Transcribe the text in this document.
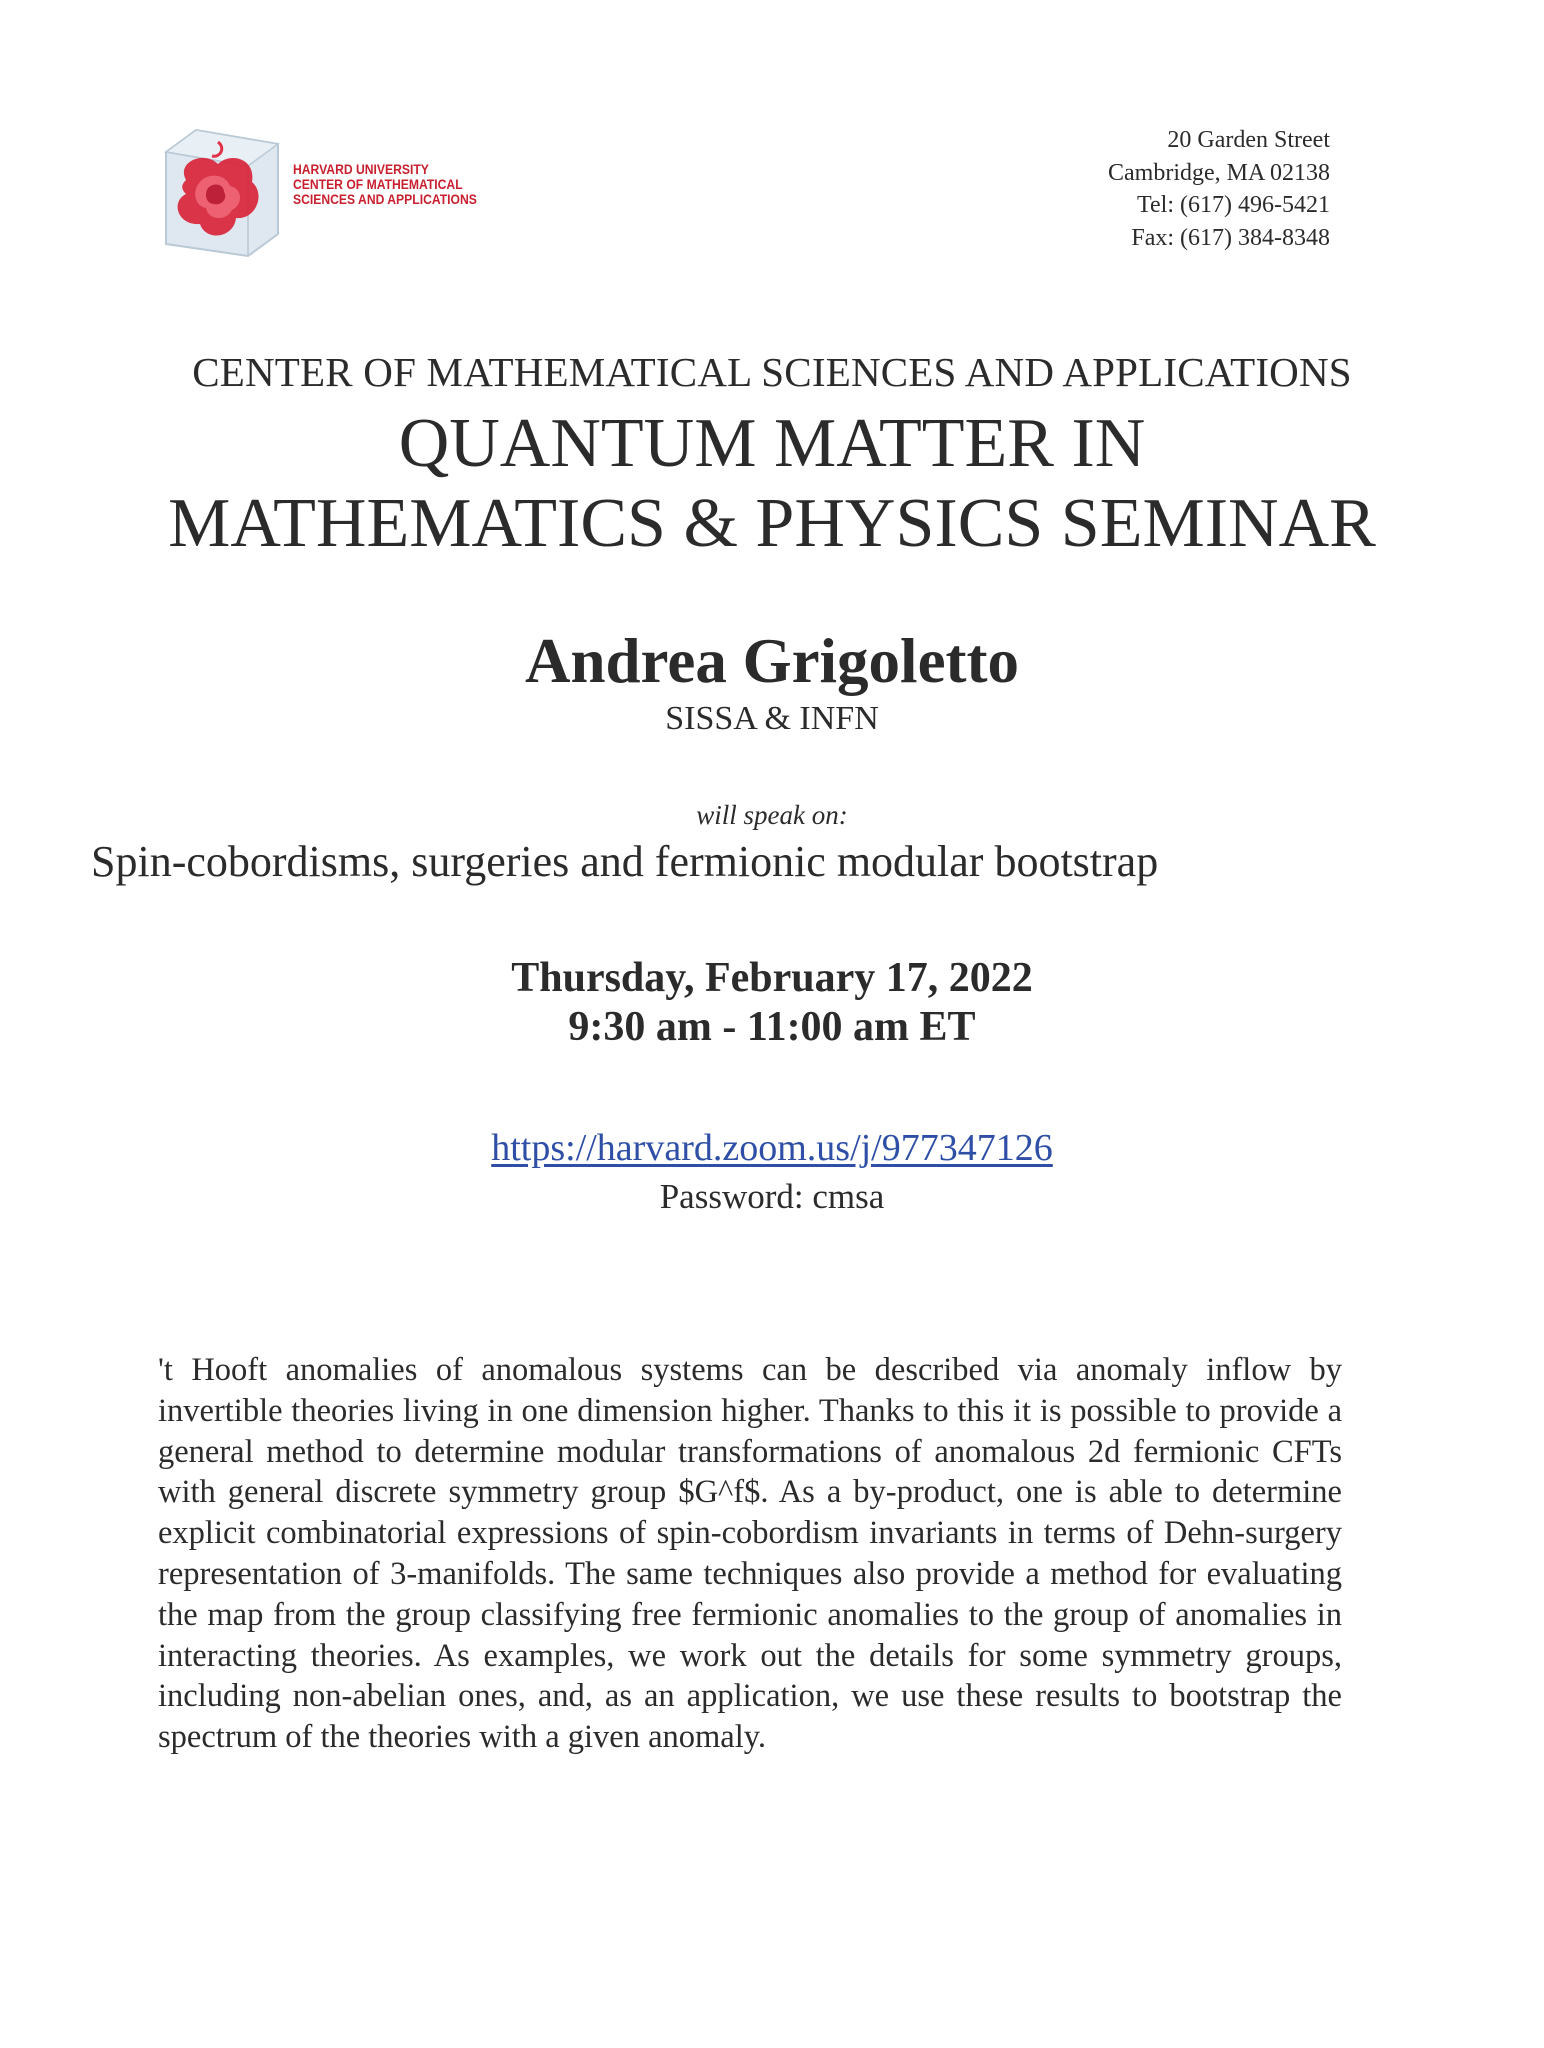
HARVARD UNIVERSITY
CENTER OF MATHEMATICAL
SCIENCES AND APPLICATIONS
20 Garden Street
Cambridge, MA 02138
Tel: (617) 496-5421
Fax: (617) 384-8348
CENTER OF MATHEMATICAL SCIENCES AND APPLICATIONS
QUANTUM MATTER IN
MATHEMATICS & PHYSICS SEMINAR
Andrea Grigoletto
SISSA & INFN
will speak on:
Spin-cobordisms, surgeries and fermionic modular bootstrap
Thursday, February 17, 2022
9:30 am - 11:00 am ET
https://harvard.zoom.us/j/977347126
Password: cmsa
't Hooft anomalies of anomalous systems can be described via anomaly inflow by invertible theories living in one dimension higher. Thanks to this it is possible to provide a general method to determine modular transformations of anomalous 2d fermionic CFTs with general discrete symmetry group $G^f$. As a by-product, one is able to determine explicit combinatorial expressions of spin-cobordism invariants in terms of Dehn-surgery representation of 3-manifolds. The same techniques also provide a method for evaluating the map from the group classifying free fermionic anomalies to the group of anomalies in interacting theories. As examples, we work out the details for some symmetry groups, including non-abelian ones, and, as an application, we use these results to bootstrap the spectrum of the theories with a given anomaly.
